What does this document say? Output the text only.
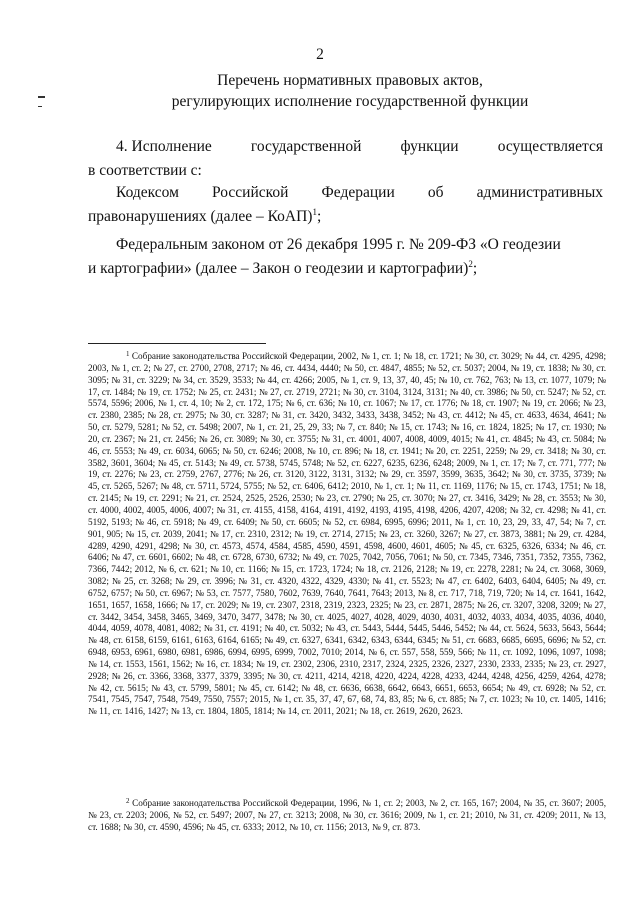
2
Перечень нормативных правовых актов,
регулирующих исполнение государственной функции
4. Исполнение	государственной	функции	осуществляется
в соответствии с:
Кодексом Российской Федерации об административных
правонарушениях (далее – КоАП)$^1$;
Федеральным законом от 26 декабря 1995 г. № 209-ФЗ «О геодезии
и картографии» (далее – Закон о геодезии и картографии)$^2$;

$^1$ Собрание законодательства Российской Федерации, 2002, № 1, ст. 1; № 18, ст. 1721; № 30, ст. 3029; № 44, ст. 4295, 4298; 2003, № 1, ст. 2; № 27, ст. 2700, 2708, 2717; № 46, ст. 4434, 4440; № 50, ст. 4847, 4855; № 52, ст. 5037; 2004, № 19, ст. 1838; № 30, ст. 3095; № 31, ст. 3229; № 34, ст. 3529, 3533; № 44, ст. 4266; 2005, № 1, ст. 9, 13, 37, 40, 45; № 10, ст. 762, 763; № 13, ст. 1077, 1079; № 17, ст. 1484; № 19, ст. 1752; № 25, ст. 2431; № 27, ст. 2719, 2721; № 30, ст. 3104, 3124, 3131; № 40, ст. 3986; № 50, ст. 5247; № 52, ст. 5574, 5596; 2006, № 1, ст. 4, 10; № 2, ст. 172, 175; № 6, ст. 636; № 10, ст. 1067; № 17, ст. 1776; № 18, ст. 1907; № 19, ст. 2066; № 23, ст. 2380, 2385; № 28, ст. 2975; № 30, ст. 3287; № 31, ст. 3420, 3432, 3433, 3438, 3452; № 43, ст. 4412; № 45, ст. 4633, 4634, 4641; № 50, ст. 5279, 5281; № 52, ст. 5498; 2007, № 1, ст. 21, 25, 29, 33; № 7, ст. 840; № 15, ст. 1743; № 16, ст. 1824, 1825; № 17, ст. 1930; № 20, ст. 2367; № 21, ст. 2456; № 26, ст. 3089; № 30, ст. 3755; № 31, ст. 4001, 4007, 4008, 4009, 4015; № 41, ст. 4845; № 43, ст. 5084; № 46, ст. 5553; № 49, ст. 6034, 6065; № 50, ст. 6246; 2008, № 10, ст. 896; № 18, ст. 1941; № 20, ст. 2251, 2259; № 29, ст. 3418; № 30, ст. 3582, 3601, 3604; № 45, ст. 5143; № 49, ст. 5738, 5745, 5748; № 52, ст. 6227, 6235, 6236, 6248; 2009, № 1, ст. 17; № 7, ст. 771, 777; № 19, ст. 2276; № 23, ст. 2759, 2767, 2776; № 26, ст. 3120, 3122, 3131, 3132; № 29, ст. 3597, 3599, 3635, 3642; № 30, ст. 3735, 3739; № 45, ст. 5265, 5267; № 48, ст. 5711, 5724, 5755; № 52, ст. 6406, 6412; 2010, № 1, ст. 1; № 11, ст. 1169, 1176; № 15, ст. 1743, 1751; № 18, ст. 2145; № 19, ст. 2291; № 21, ст. 2524, 2525, 2526, 2530; № 23, ст. 2790; № 25, ст. 3070; № 27, ст. 3416, 3429; № 28, ст. 3553; № 30, ст. 4000, 4002, 4005, 4006, 4007; № 31, ст. 4155, 4158, 4164, 4191, 4192, 4193, 4195, 4198, 4206, 4207, 4208; № 32, ст. 4298; № 41, ст. 5192, 5193; № 46, ст. 5918; № 49, ст. 6409; № 50, ст. 6605; № 52, ст. 6984, 6995, 6996; 2011, № 1, ст. 10, 23, 29, 33, 47, 54; № 7, ст. 901, 905; № 15, ст. 2039, 2041; № 17, ст. 2310, 2312; № 19, ст. 2714, 2715; № 23, ст. 3260, 3267; № 27, ст. 3873, 3881; № 29, ст. 4284, 4289, 4290, 4291, 4298; № 30, ст. 4573, 4574, 4584, 4585, 4590, 4591, 4598, 4600, 4601, 4605; № 45, ст. 6325, 6326, 6334; № 46, ст. 6406; № 47, ст. 6601, 6602; № 48, ст. 6728, 6730, 6732; № 49, ст. 7025, 7042, 7056, 7061; № 50, ст. 7345, 7346, 7351, 7352, 7355, 7362, 7366, 7442; 2012, № 6, ст. 621; № 10, ст. 1166; № 15, ст. 1723, 1724; № 18, ст. 2126, 2128; № 19, ст. 2278, 2281; № 24, ст. 3068, 3069, 3082; № 25, ст. 3268; № 29, ст. 3996; № 31, ст. 4320, 4322, 4329, 4330; № 41, ст. 5523; № 47, ст. 6402, 6403, 6404, 6405; № 49, ст. 6752, 6757; № 50, ст. 6967; № 53, ст. 7577, 7580, 7602, 7639, 7640, 7641, 7643; 2013, № 8, ст. 717, 718, 719, 720; № 14, ст. 1641, 1642, 1651, 1657, 1658, 1666; № 17, ст. 2029; № 19, ст. 2307, 2318, 2319, 2323, 2325; № 23, ст. 2871, 2875; № 26, ст. 3207, 3208, 3209; № 27, ст. 3442, 3454, 3458, 3465, 3469, 3470, 3477, 3478; № 30, ст. 4025, 4027, 4028, 4029, 4030, 4031, 4032, 4033, 4034, 4035, 4036, 4040, 4044, 4059, 4078, 4081, 4082; № 31, ст. 4191; № 40, ст. 5032; № 43, ст. 5443, 5444, 5445, 5446, 5452; № 44, ст. 5624, 5633, 5643, 5644; № 48, ст. 6158, 6159, 6161, 6163, 6164, 6165; № 49, ст. 6327, 6341, 6342, 6343, 6344, 6345; № 51, ст. 6683, 6685, 6695, 6696; № 52, ст. 6948, 6953, 6961, 6980, 6981, 6986, 6994, 6995, 6999, 7002, 7010; 2014, № 6, ст. 557, 558, 559, 566; № 11, ст. 1092, 1096, 1097, 1098; № 14, ст. 1553, 1561, 1562; № 16, ст. 1834; № 19, ст. 2302, 2306, 2310, 2317, 2324, 2325, 2326, 2327, 2330, 2333, 2335; № 23, ст. 2927, 2928; № 26, ст. 3366, 3368, 3377, 3379, 3395; № 30, ст. 4211, 4214, 4218, 4220, 4224, 4228, 4233, 4244, 4248, 4256, 4259, 4264, 4278; № 42, ст. 5615; № 43, ст. 5799, 5801; № 45, ст. 6142; № 48, ст. 6636, 6638, 6642, 6643, 6651, 6653, 6654; № 49, ст. 6928; № 52, ст. 7541, 7545, 7547, 7548, 7549, 7550, 7557; 2015, № 1, ст. 35, 37, 47, 67, 68, 74, 83, 85; № 6, ст. 885; № 7, ст. 1023; № 10, ст. 1405, 1416; № 11, ст. 1416, 1427; № 13, ст. 1804, 1805, 1814; № 14, ст. 2011, 2021; № 18, ст. 2619, 2620, 2623.

$^2$ Собрание законодательства Российской Федерации, 1996, № 1, ст. 2; 2003, № 2, ст. 165, 167; 2004, № 35, ст. 3607; 2005, № 23, ст. 2203; 2006, № 52, ст. 5497; 2007, № 27, ст. 3213; 2008, № 30, ст. 3616; 2009, № 1, ст. 21; 2010, № 31, ст. 4209; 2011, № 13, ст. 1688; № 30, ст. 4590, 4596; № 45, ст. 6333; 2012, № 10, ст. 1156; 2013, № 9, ст. 873.
